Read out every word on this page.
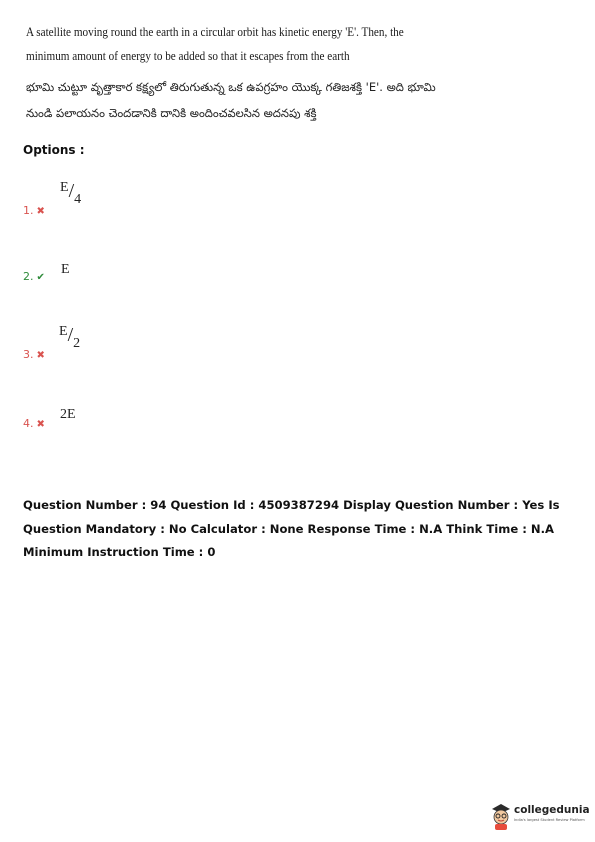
A satellite moving round the earth in a circular orbit has kinetic energy 'E'. Then, the minimum amount of energy to be added so that it escapes from the earth
భూమి చుట్టూ వృత్తాకార కక్ష్యలో తిరుగుతున్న ఒక ఉపగ్రహం యొక్క గతిజశక్తి 'E'. అది భూమి
నుండి పలాయనం చెందడానికి దానికి అందించవలసిన అదనపు శక్తి
Options :
1. ✖
E/4
2. ✔
E
3. ✖
E/2
4. ✖
2E
Question Number : 94 Question Id : 4509387294 Display Question Number : Yes Is Question Mandatory : No Calculator : None Response Time : N.A Think Time : N.A Minimum Instruction Time : 0
collegedunia
India's largest Student Review Platform
